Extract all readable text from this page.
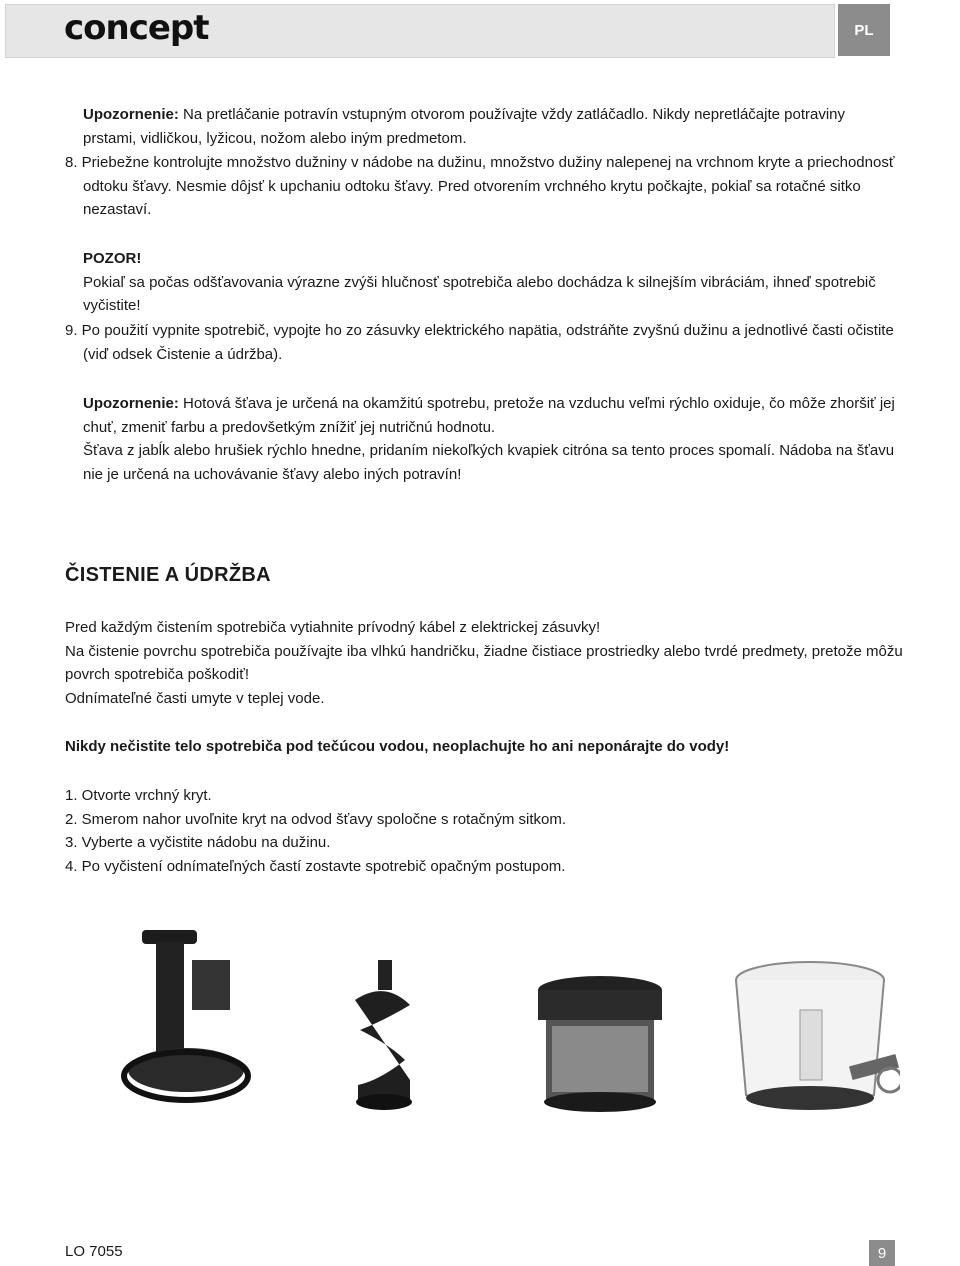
concept	PL

Upozornenie: Na pretláčanie potravín vstupným otvorom používajte vždy zatláčadlo. Nikdy nepretláčajte potraviny prstami, vidličkou, lyžicou, nožom alebo iným predmetom.

8. Priebežne kontrolujte množstvo dužniny v nádobe na dužinu, množstvo dužiny nalepenej na vrchnom kryte a priechodnosť odtoku šťavy. Nesmie dôjsť k upchaniu odtoku šťavy. Pred otvorením vrchného krytu počkajte, pokiaľ sa rotačné sitko nezastaví.

POZOR!

Pokiaľ sa počas odšťavovania výrazne zvýši hlučnosť spotrebiča alebo dochádza k silnejším vibráciám, ihneď spotrebič vyčistite!

9. Po použití vypnite spotrebič, vypojte ho zo zásuvky elektrického napätia, odstráňte zvyšnú dužinu a jednotlivé časti očistite (viď odsek Čistenie a údržba).

Upozornenie: Hotová šťava je určená na okamžitú spotrebu, pretože na vzduchu veľmi rýchlo oxiduje, čo môže zhoršiť jej chuť, zmeniť farbu a predovšetkým znížiť jej nutričnú hodnotu.

Šťava z jabĺk alebo hrušiek rýchlo hnedne, pridaním niekoľkých kvapiek citróna sa tento proces spomalí. Nádoba na šťavu nie je určená na uchovávanie šťavy alebo iných potravín!

ČISTENIE A ÚDRŽBA

Pred každým čistením spotrebiča vytiahnite prívodný kábel z elektrickej zásuvky!

Na čistenie povrchu spotrebiča používajte iba vlhkú handričku, žiadne čistiace prostriedky alebo tvrdé predmety, pretože môžu povrch spotrebiča poškodiť!

Odnímateľné časti umyte v teplej vode.

Nikdy nečistite telo spotrebiča pod tečúcou vodou, neoplachujte ho ani neponárajte do vody!

1. Otvorte vrchný kryt.

2. Smerom nahor uvoľnite kryt na odvod šťavy spoločne s rotačným sitkom.

3. Vyberte a vyčistite nádobu na dužinu.

4. Po vyčistení odnímateľných častí zostavte spotrebič opačným postupom.

LO 7055	9
